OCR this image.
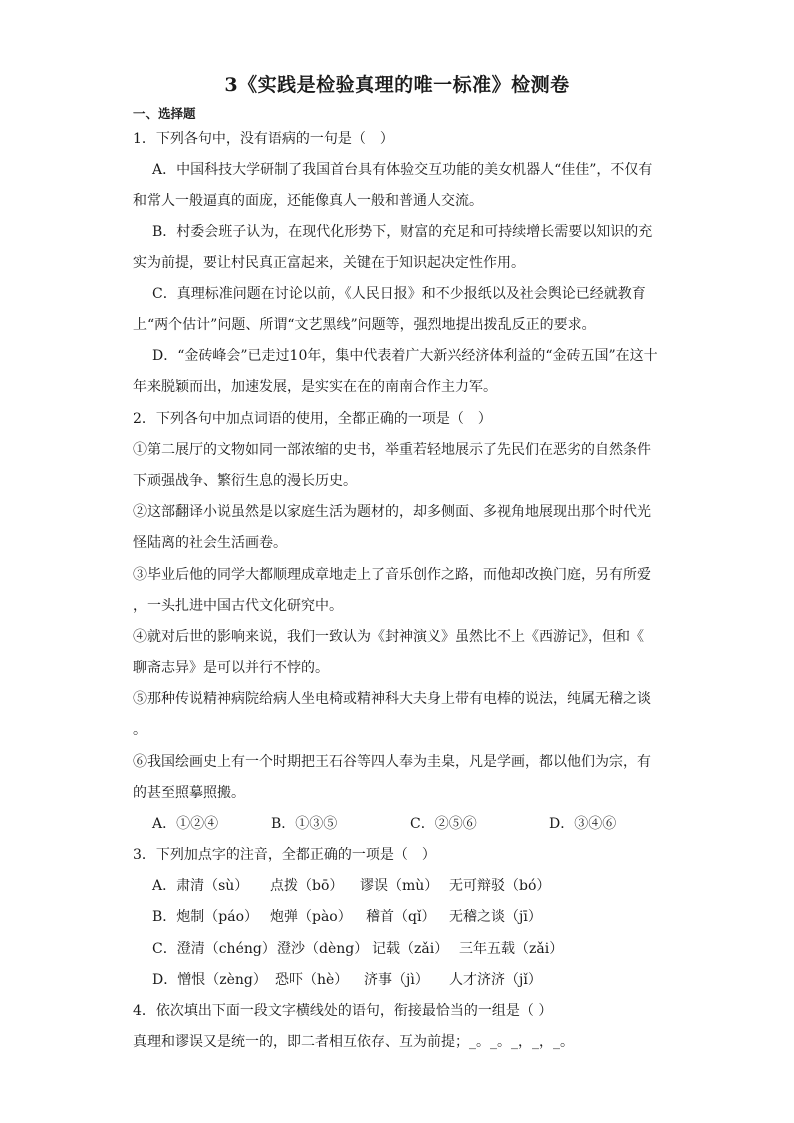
3《实践是检验真理的唯一标准》检测卷
一、选择题
1．下列各句中，没有语病的一句是（　）
A．中国科技大学研制了我国首台具有体验交互功能的美女机器人“佳佳”，不仅有
和常人一般逼真的面庞，还能像真人一般和普通人交流。
B．村委会班子认为，在现代化形势下，财富的充足和可持续增长需要以知识的充
实为前提，要让村民真正富起来，关键在于知识起决定性作用。
C．真理标准问题在讨论以前，《人民日报》和不少报纸以及社会舆论已经就教育
上“两个估计”问题、所谓“文艺黑线”问题等，强烈地提出拨乱反正的要求。
D．“金砖峰会”已走过10年，集中代表着广大新兴经济体利益的“金砖五国”在这十
年来脱颖而出，加速发展，是实实在在的南南合作主力军。
2．下列各句中加点词语的使用，全都正确的一项是（　）
①第二展厅的文物如同一部浓缩的史书，举重若轻地展示了先民们在恶劣的自然条件
下顽强战争、繁衍生息的漫长历史。
②这部翻译小说虽然是以家庭生活为题材的，却多侧面、多视角地展现出那个时代光
怪陆离的社会生活画卷。
③毕业后他的同学大都顺理成章地走上了音乐创作之路，而他却改换门庭，另有所爱
，一头扎进中国古代文化研究中。
④就对后世的影响来说，我们一致认为《封神演义》虽然比不上《西游记》，但和《
聊斋志异》是可以并行不悖的。
⑤那种传说精神病院给病人坐电椅或精神科大夫身上带有电棒的说法，纯属无稽之谈
。
⑥我国绘画史上有一个时期把王石谷等四人奉为圭臬，凡是学画，都以他们为宗，有
的甚至照摹照搬。
A．①②④	B．①③⑤	C．②⑤⑥	D．③④⑥
3．下列加点字的注音，全都正确的一项是（　）
A．肃清（sù） 点拨（bō） 谬误（mù） 无可辩驳（bó）
B．炮制（páo） 炮弹（pào） 稽首（qǐ） 无稽之谈（jī）
C．澄清（chéng） 澄沙（dèng） 记载（zǎi） 三年五载（zǎi）
D．憎恨（zèng） 恐吓（hè） 济事（jì） 人才济济（jǐ）
4．依次填出下面一段文字横线处的语句，衔接最恰当的一组是（ ）
真理和谬误又是统一的，即二者相互依存、互为前提；_。_。_，_，_。
